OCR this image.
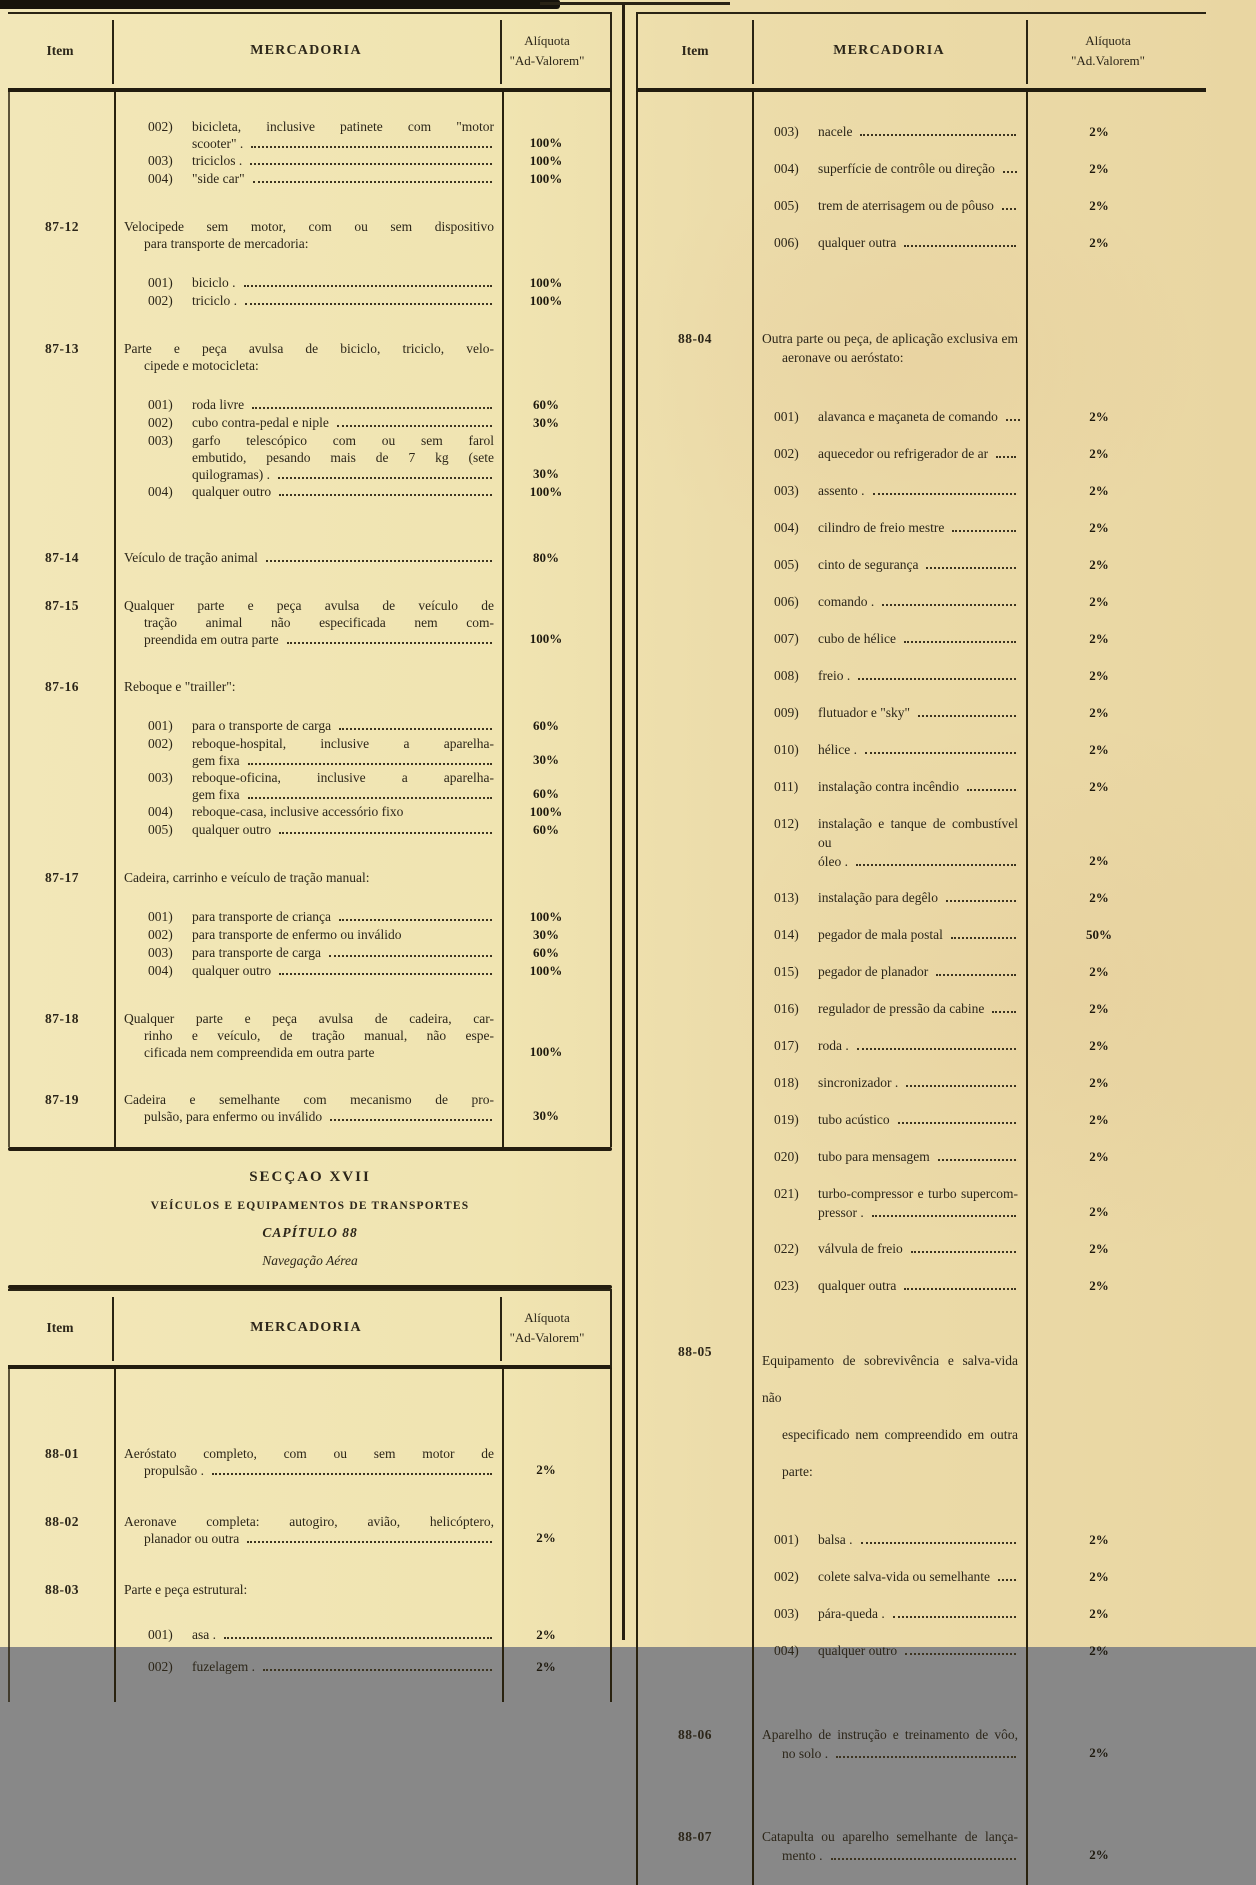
Item	MERCADORIA
Alíquota
"Ad-Valorem"
002)	bicicleta, inclusive patinete com "motor
scooter" .	100%
003)	triciclos .	100%
004)	"side car"	100%
87-12	Velocipede sem motor, com ou sem dispositivo
para transporte de mercadoria:
001)	biciclo .	100%
002)	triciclo .	100%
87-13	Parte e peça avulsa de biciclo, triciclo, velo-
cipede e motocicleta:
001)	roda livre	60%
002)	cubo contra-pedal e niple	30%
003)	garfo telescópico com ou sem farol
embutido, pesando mais de 7 kg (sete
quilogramas) .	30%
004)	qualquer outro	100%
87-14	Veículo de tração animal	80%
87-15	Qualquer parte e peça avulsa de veículo de
tração animal não especificada nem com-
preendida em outra parte	100%
87-16	Reboque e "trailler":
001)	para o transporte de carga	60%
002)	reboque-hospital, inclusive a aparelha-
gem fixa	30%
003)	reboque-oficina, inclusive a aparelha-
gem fixa	60%
004)	reboque-casa, inclusive accessório fixo	100%
005)	qualquer outro	60%
87-17	Cadeira, carrinho e veículo de tração manual:
001)	para transporte de criança	100%
002)	para transporte de enfermo ou inválido	30%
003)	para transporte de carga	60%
004)	qualquer outro	100%
87-18	Qualquer parte e peça avulsa de cadeira, car-
rinho e veículo, de tração manual, não espe-
cificada nem compreendida em outra parte	100%
87-19	Cadeira e semelhante com mecanismo de pro-
pulsão, para enfermo ou inválido	30%
SECÇAO XVII
VEÍCULOS E EQUIPAMENTOS DE TRANSPORTES
CAPÍTULO 88
Navegação Aérea
Item	MERCADORIA
Alíquota
"Ad-Valorem"
88-01	Aeróstato completo, com ou sem motor de
propulsão .	2%
88-02	Aeronave completa: autogiro, avião, helicóptero,
planador ou outra	2%
88-03	Parte e peça estrutural:
001)	asa .	2%
002)	fuzelagem .	2%
Item	MERCADORIA
Alíquota
"Ad.Valorem"
003)	nacele	2%
004)	superfície de contrôle ou direção	2%
005)	trem de aterrisagem ou de pôuso	2%
006)	qualquer outra	2%
88-04	Outra parte ou peça, de aplicação exclusiva em
aeronave ou aeróstato:
001)	alavanca e maçaneta de comando	2%
002)	aquecedor ou refrigerador de ar	2%
003)	assento .	2%
004)	cilindro de freio mestre	2%
005)	cinto de segurança	2%
006)	comando .	2%
007)	cubo de hélice	2%
008)	freio .	2%
009)	flutuador e "sky"	2%
010)	hélice .	2%
011)	instalação contra incêndio	2%
012)	instalação e tanque de combustível ou
óleo .	2%
013)	instalação para degêlo	2%
014)	pegador de mala postal	50%
015)	pegador de planador	2%
016)	regulador de pressão da cabine	2%
017)	roda .	2%
018)	sincronizador .	2%
019)	tubo acústico	2%
020)	tubo para mensagem	2%
021)	turbo-compressor e turbo supercom-
pressor .	2%
022)	válvula de freio	2%
023)	qualquer outra	2%
88-05
Equipamento de sobrevivência e salva-vida não
especificado nem compreendido em outra
parte:
001)	balsa .	2%
002)	colete salva-vida ou semelhante	2%
003)	pára-queda .	2%
004)	qualquer outro	2%
88-06	Aparelho de instrução e treinamento de vôo,
no solo .	2%
88-07	Catapulta ou aparelho semelhante de lança-
mento .	2%
